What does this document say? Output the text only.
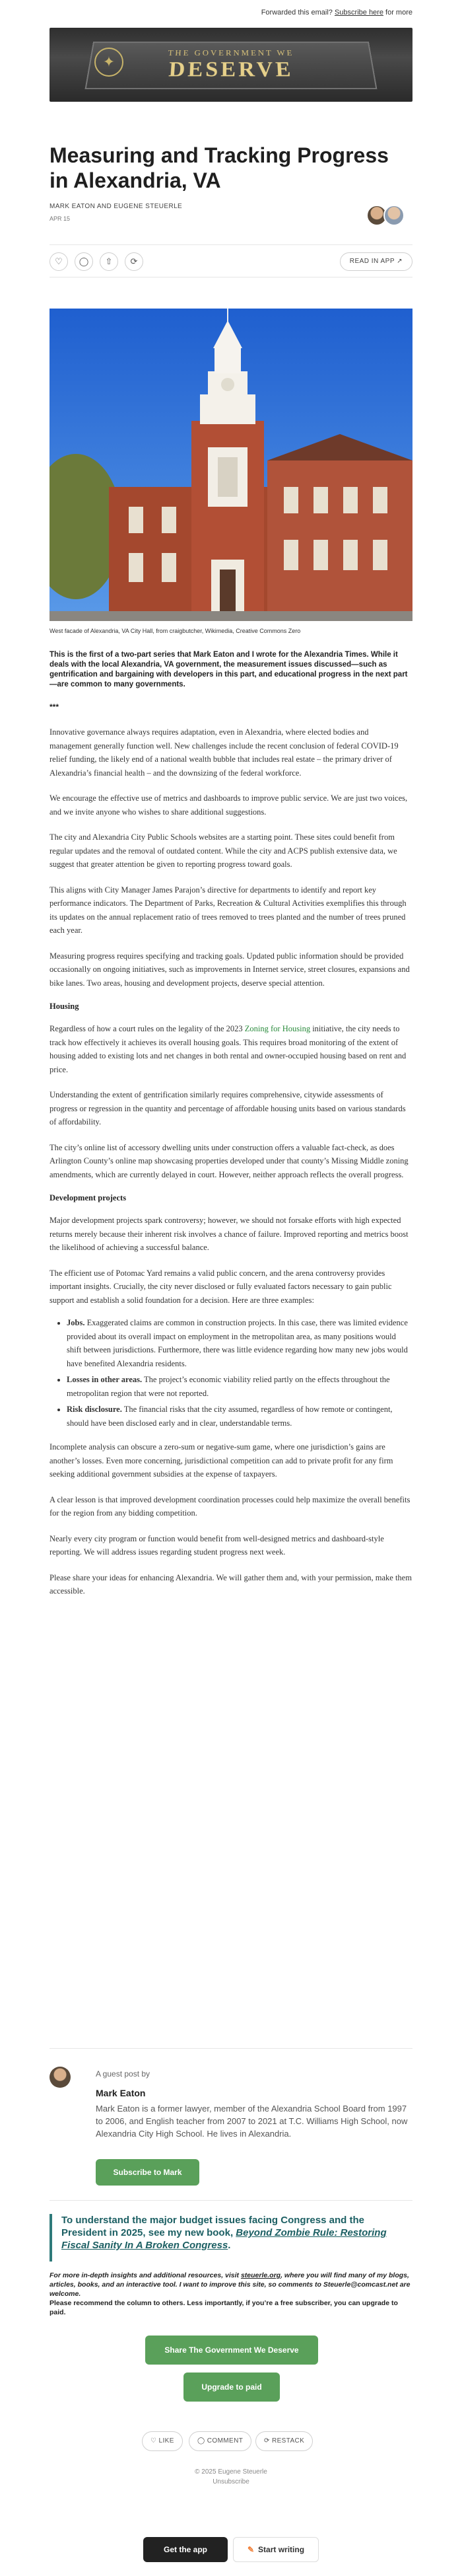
Forwarded this email? Subscribe here for more
THE GOVERNMENT WE
DESERVE
✦
Measuring and Tracking Progress in Alexandria, VA
MARK EATON AND EUGENE STEUERLE
APR 15
♡	◯	⇧	⟳	READ IN APP ↗
West facade of Alexandria, VA City Hall, from craigbutcher, Wikimedia, Creative Commons Zero
This is the first of a two-part series that Mark Eaton and I wrote for the Alexandria Times. While it deals with the local Alexandria, VA government, the measurement issues discussed—such as gentrification and bargaining with developers in this part, and educational progress in the next part—are common to many governments.
***

Innovative governance always requires adaptation, even in Alexandria, where elected bodies and management generally function well. New challenges include the recent conclusion of federal COVID-19 relief funding, the likely end of a national wealth bubble that includes real estate – the primary driver of Alexandria’s financial health – and the downsizing of the federal workforce.

We encourage the effective use of metrics and dashboards to improve public service. We are just two voices, and we invite anyone who wishes to share additional suggestions.

The city and Alexandria City Public Schools websites are a starting point. These sites could benefit from regular updates and the removal of outdated content. While the city and ACPS publish extensive data, we suggest that greater attention be given to reporting progress toward goals.

This aligns with City Manager James Parajon’s directive for departments to identify and report key performance indicators. The Department of Parks, Recreation & Cultural Activities exemplifies this through its updates on the annual replacement ratio of trees removed to trees planted and the number of trees pruned each year.

Measuring progress requires specifying and tracking goals. Updated public information should be provided occasionally on ongoing initiatives, such as improvements in Internet service, street closures, expansions and bike lanes. Two areas, housing and development projects, deserve special attention.

Housing

Regardless of how a court rules on the legality of the 2023 Zoning for Housing initiative, the city needs to track how effectively it achieves its overall housing goals. This requires broad monitoring of the extent of housing added to existing lots and net changes in both rental and owner-occupied housing based on rent and price.

Understanding the extent of gentrification similarly requires comprehensive, citywide assessments of progress or regression in the quantity and percentage of affordable housing units based on various standards of affordability.

The city’s online list of accessory dwelling units under construction offers a valuable fact-check, as does Arlington County’s online map showcasing properties developed under that county’s Missing Middle zoning amendments, which are currently delayed in court. However, neither approach reflects the overall progress.

Development projects

Major development projects spark controversy; however, we should not forsake efforts with high expected returns merely because their inherent risk involves a chance of failure. Improved reporting and metrics boost the likelihood of achieving a successful balance.

The efficient use of Potomac Yard remains a valid public concern, and the arena controversy provides important insights. Crucially, the city never disclosed or fully evaluated factors necessary to gain public support and establish a solid foundation for a decision. Here are three examples:

• Jobs. Exaggerated claims are common in construction projects. In this case, there was limited evidence provided about its overall impact on employment in the metropolitan area, as many positions would shift between jurisdictions. Furthermore, there was little evidence regarding how many new jobs would have benefited Alexandria residents.
• Losses in other areas. The project’s economic viability relied partly on the effects throughout the metropolitan region that were not reported.
• Risk disclosure. The financial risks that the city assumed, regardless of how remote or contingent, should have been disclosed early and in clear, understandable terms.

Incomplete analysis can obscure a zero-sum or negative-sum game, where one jurisdiction’s gains are another’s losses. Even more concerning, jurisdictional competition can add to private profit for any firm seeking additional government subsidies at the expense of taxpayers.

A clear lesson is that improved development coordination processes could help maximize the overall benefits for the region from any bidding competition.

Nearly every city program or function would benefit from well-designed metrics and dashboard-style reporting. We will address issues regarding student progress next week.

Please share your ideas for enhancing Alexandria. We will gather them and, with your permission, make them accessible.

A guest post by
Mark Eaton
Mark Eaton is a former lawyer, member of the Alexandria School Board from 1997 to 2006, and English teacher from 2007 to 2021 at T.C. Williams High School, now Alexandria City High School. He lives in Alexandria.
Subscribe to Mark
To understand the major budget issues facing Congress and the President in 2025, see my new book, Beyond Zombie Rule: Restoring Fiscal Sanity In A Broken Congress.
For more in-depth insights and additional resources, visit steuerle.org, where you will find many of my blogs, articles, books, and an interactive tool. I want to improve this site, so comments to Steuerle@comcast.net are welcome.
Please recommend the column to others. Less importantly, if you’re a free subscriber, you can upgrade to paid.
Share The Government We Deserve
Upgrade to paid
♡ LIKE	◯ COMMENT	⟳ RESTACK
© 2025 Eugene Steuerle
Unsubscribe
Get the app	✎ Start writing
